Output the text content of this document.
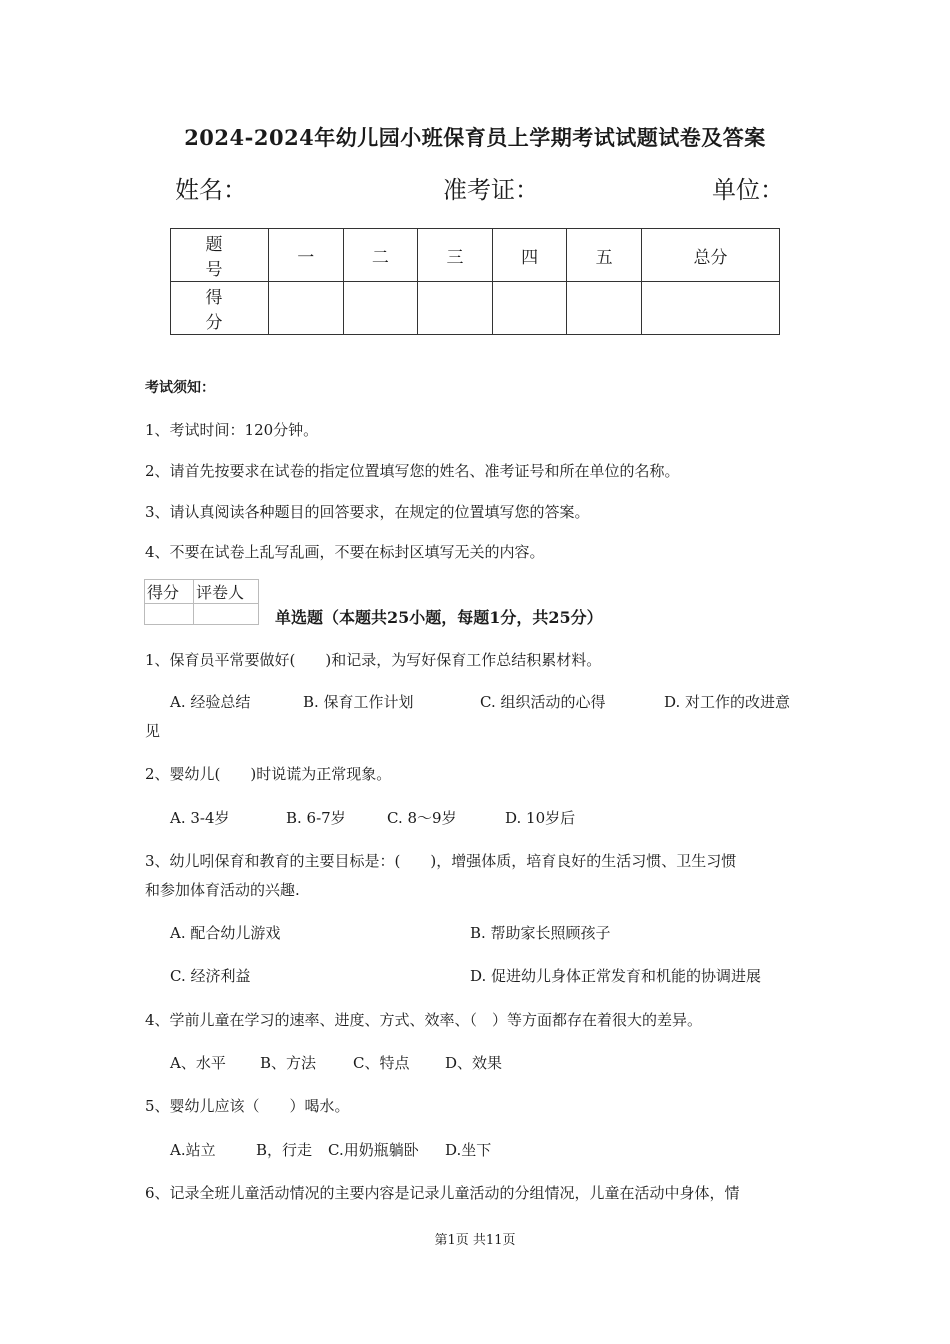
2024-2024年幼儿园小班保育员上学期考试试题试卷及答案
姓名：	准考证：	单位：
题 号	一	二	三	四	五	总分
得 分						
考试须知：
1、考试时间：120分钟。
2、请首先按要求在试卷的指定位置填写您的姓名、准考证号和所在单位的名称。
3、请认真阅读各种题目的回答要求，在规定的位置填写您的答案。
4、不要在试卷上乱写乱画，不要在标封区填写无关的内容。
得分	评卷人

单选题（本题共25小题，每题1分，共25分）
1、保育员平常要做好(　　)和记录，为写好保育工作总结积累材料。
A. 经验总结	B. 保育工作计划	C. 组织活动的心得	D. 对工作的改进意
见
2、婴幼儿(　　)时说谎为正常现象。
A. 3-4岁	B. 6-7岁	C. 8～9岁	D. 10岁后
3、幼儿吲保育和教育的主要目标是：(　　)，增强体质，培育良好的生活习惯、卫生习惯
和参加体育活动的兴趣.
A. 配合幼儿游戏	B. 帮助家长照顾孩子
C. 经济利益	D. 促进幼儿身体正常发育和机能的协调进展
4、学前儿童在学习的速率、进度、方式、效率、（　）等方面都存在着很大的差异。
A、水平 B、方法 C、特点 D、效果
5、婴幼儿应该（　　）喝水。
A.站立	B，行走 C.用奶瓶躺卧 D.坐下
6、记录全班儿童活动情况的主要内容是记录儿童活动的分组情况，儿童在活动中身体，情
第1页 共11页
